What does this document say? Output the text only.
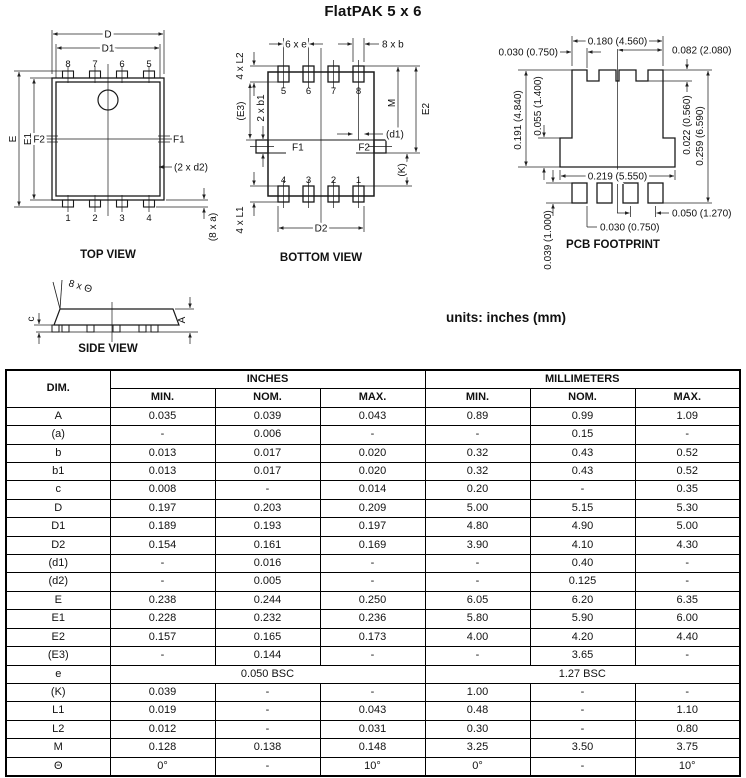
FlatPAK 5 x 6
D
D1
8 7 6 5
1 2 3 4
E E1 F2	F1
(2 x d2)
(8 x a)
TOP VIEW
6 x e	8 x b
5 6 7 8
4 3 2 1
4 x L2
(E3) 2 x b1
4 x L1
F1	F2
(d1)
M E2
(K)
D2
BOTTOM VIEW
0.180 (4.560)
0.030 (0.750)	0.082 (2.080)
0.191 (4.840) 0.055 (1.400)	0.022 (0.560) 0.259 (6.590)
0.219 (5.550)
0.050 (1.270)
0.030 (0.750)
0.039 (1.000) PCB FOOTPRINT
8 x Θ
c	A
SIDE VIEW
units: inches (mm)
DIM.	INCHES			MILLIMETERS		
	MIN.	NOM.	MAX.	MIN.	NOM.	MAX.
A	0.035	0.039	0.043	0.89	0.99	1.09
(a)	-	0.006	-	-	0.15	-
b	0.013	0.017	0.020	0.32	0.43	0.52
b1	0.013	0.017	0.020	0.32	0.43	0.52
c	0.008	-	0.014	0.20	-	0.35
D	0.197	0.203	0.209	5.00	5.15	5.30
D1	0.189	0.193	0.197	4.80	4.90	5.00
D2	0.154	0.161	0.169	3.90	4.10	4.30
(d1)	-	0.016	-	-	0.40	-
(d2)	-	0.005	-	-	0.125	-
E	0.238	0.244	0.250	6.05	6.20	6.35
E1	0.228	0.232	0.236	5.80	5.90	6.00
E2	0.157	0.165	0.173	4.00	4.20	4.40
(E3)	-	0.144	-	-	3.65	-
e	0.050 BSC			1.27 BSC		
(K)	0.039	-	-	1.00	-	-
L1	0.019	-	0.043	0.48	-	1.10
L2	0.012	-	0.031	0.30	-	0.80
M	0.128	0.138	0.148	3.25	3.50	3.75
Θ	0°	-	10°	0°	-	10°
